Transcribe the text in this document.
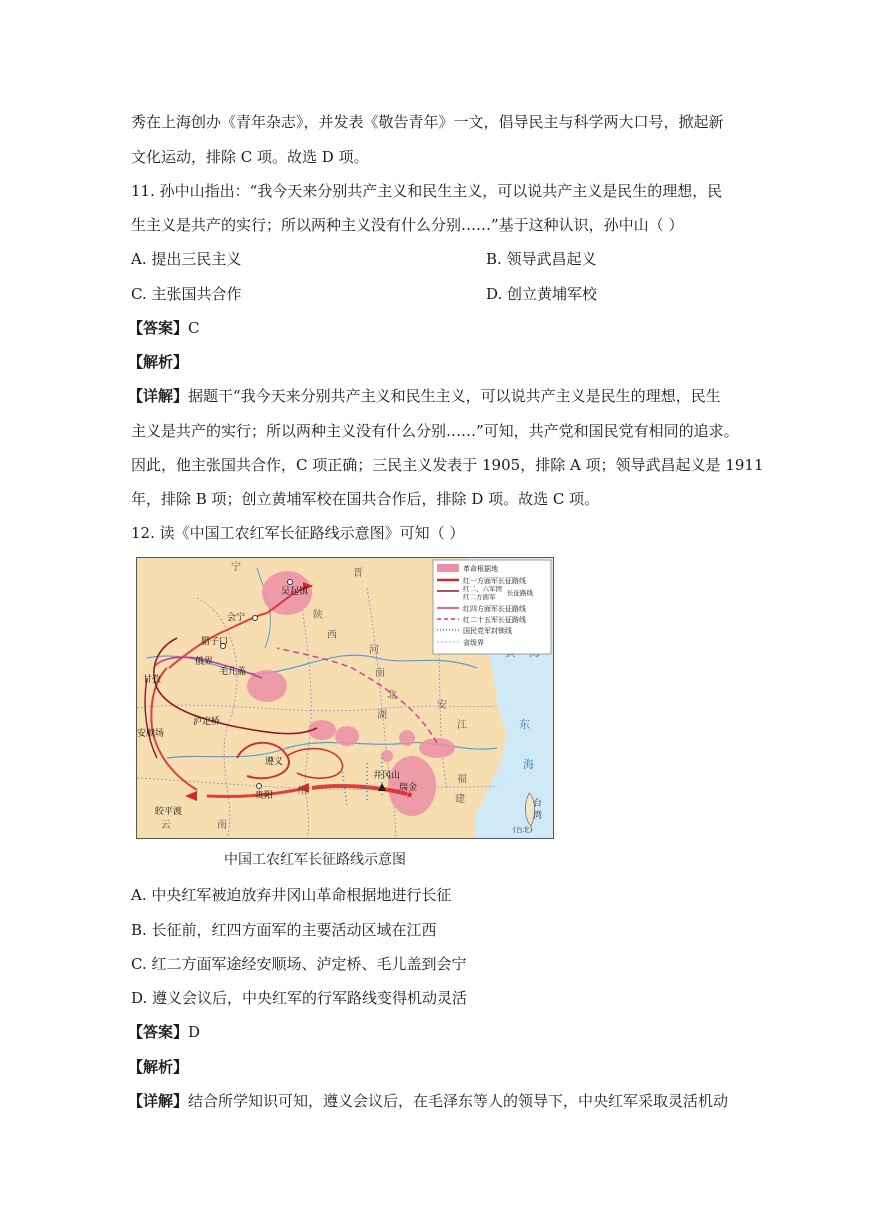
秀在上海创办《青年杂志》，并发表《敬告青年》一文，倡导民主与科学两大口号，掀起新
文化运动，排除 C 项。故选 D 项。
11. 孙中山指出：“我今天来分别共产主义和民生主义，可以说共产主义是民生的理想，民
生主义是共产的实行；所以两种主义没有什么分别……”基于这种认识，孙中山（ ）
A. 提出三民主义	B. 领导武昌起义
C. 主张国共合作	D. 创立黄埔军校
【答案】C
【解析】
【详解】据题干“我今天来分别共产主义和民生主义，可以说共产主义是民生的理想，民生
主义是共产的实行；所以两种主义没有什么分别……”可知，共产党和国民党有相同的追求。
因此，他主张国共合作，C 项正确；三民主义发表于 1905，排除 A 项；领导武昌起义是 1911
年，排除 B 项；创立黄埔军校在国共合作后，排除 D 项。故选 C 项。
12. 读《中国工农红军长征路线示意图》可知（ ）
★
宁
晋
陕
西
河
南
北
湖
安
江
福
建
州
云	南
东
海
台
湾
吴起镇
会宁
腊子口
俄界
毛儿盖
甘孜
泸定桥
安顺场
遵义
贵阳
皎平渡
井冈山
瑞金
(台北)
革命根据地
红一方面军长征路线
红二、六军团
红二方面军 长征路线
红四方面军长征路线
红二十五军长征路线
国民党军封锁线
省级界
中国工农红军长征路线示意图
A. 中央红军被迫放弃井冈山革命根据地进行长征
B. 长征前，红四方面军的主要活动区域在江西
C. 红二方面军途经安顺场、泸定桥、毛儿盖到会宁
D. 遵义会议后，中央红军的行军路线变得机动灵活
【答案】D
【解析】
【详解】结合所学知识可知，遵义会议后，在毛泽东等人的领导下，中央红军采取灵活机动
